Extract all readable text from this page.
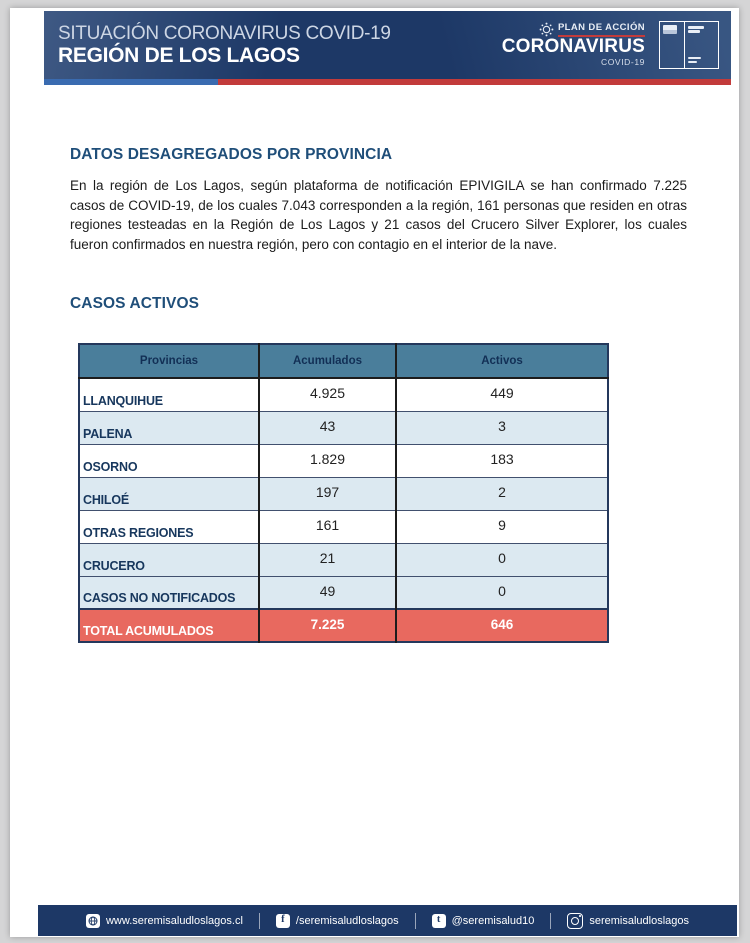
SITUACIÓN CORONAVIRUS COVID-19
REGIÓN DE LOS LAGOS
PLAN DE ACCIÓN
CORONAVIRUS
COVID-19
DATOS DESAGREGADOS POR PROVINCIA

En la región de Los Lagos, según plataforma de notificación EPIVIGILA se han confirmado 7.225 casos de COVID-19, de los cuales 7.043 corresponden a la región, 161 personas que residen en otras regiones testeadas en la Región de Los Lagos y 21 casos del Crucero Silver Explorer, los cuales fueron confirmados en nuestra región, pero con contagio en el interior de la nave.

CASOS ACTIVOS
Provincias	Acumulados	Activos
LLANQUIHUE	4.925	449
PALENA	43	3
OSORNO	1.829	183
CHILOÉ	197	2
OTRAS REGIONES	161	9
CRUCERO	21	0
CASOS NO NOTIFICADOS	49	0
TOTAL ACUMULADOS	7.225	646
www.seremisaludloslagos.cl	f	/seremisaludloslagos	t	@seremisalud10	seremisaludloslagos
